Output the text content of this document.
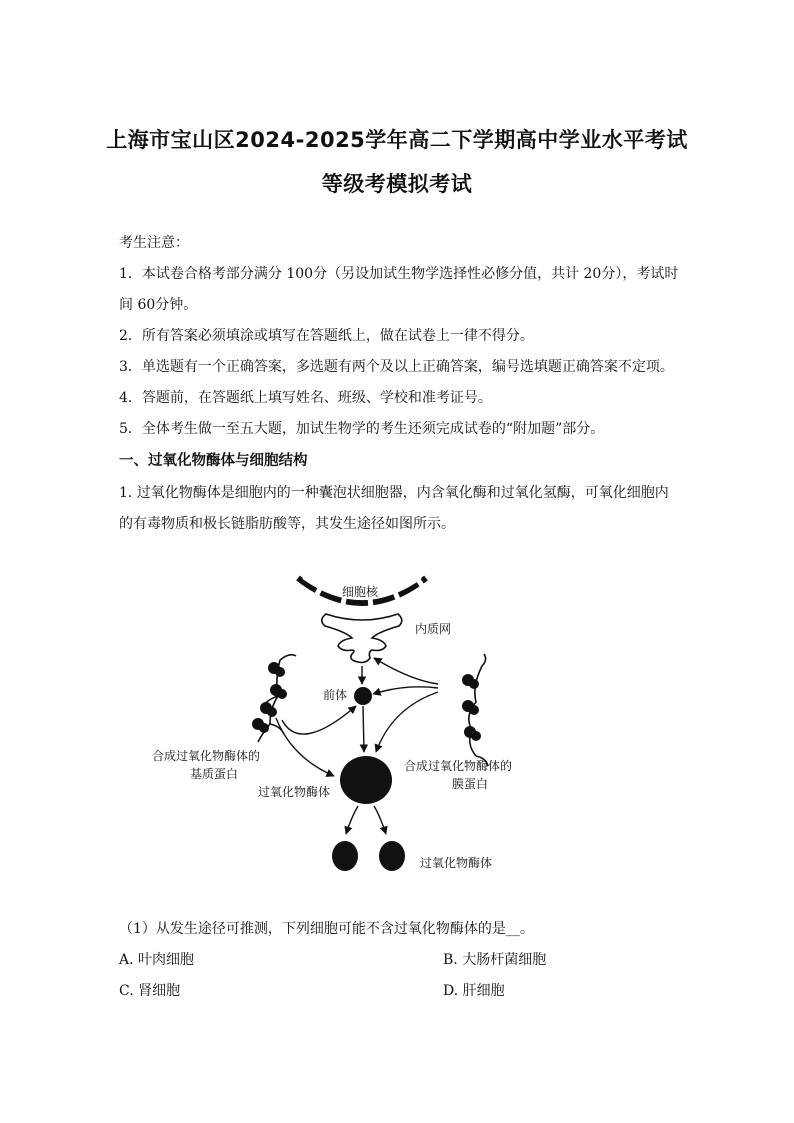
上海市宝山区2024-2025学年高二下学期高中学业水平考试
等级考模拟考试
考生注意：
1．本试卷合格考部分满分 100分（另设加试生物学选择性必修分值，共计 20分），考试时
间 60分钟。
2．所有答案必须填涂或填写在答题纸上，做在试卷上一律不得分。
3．单选题有一个正确答案，多选题有两个及以上正确答案，编号选填题正确答案不定项。
4．答题前，在答题纸上填写姓名、班级、学校和准考证号。
5．全体考生做一至五大题，加试生物学的考生还须完成试卷的“附加题”部分。
一、过氧化物酶体与细胞结构
1. 过氧化物酶体是细胞内的一种囊泡状细胞器，内含氧化酶和过氧化氢酶，可氧化细胞内
的有毒物质和极长链脂肪酸等，其发生途径如图所示。
细胞核
内质网
前体
合成过氧化物酶体的
基质蛋白
合成过氧化物酶体的
膜蛋白
过氧化物酶体
过氧化物酶体
（1）从发生途径可推测，下列细胞可能不含过氧化物酶体的是__。
A. 叶肉细胞	B. 大肠杆菌细胞
C. 肾细胞	D. 肝细胞
